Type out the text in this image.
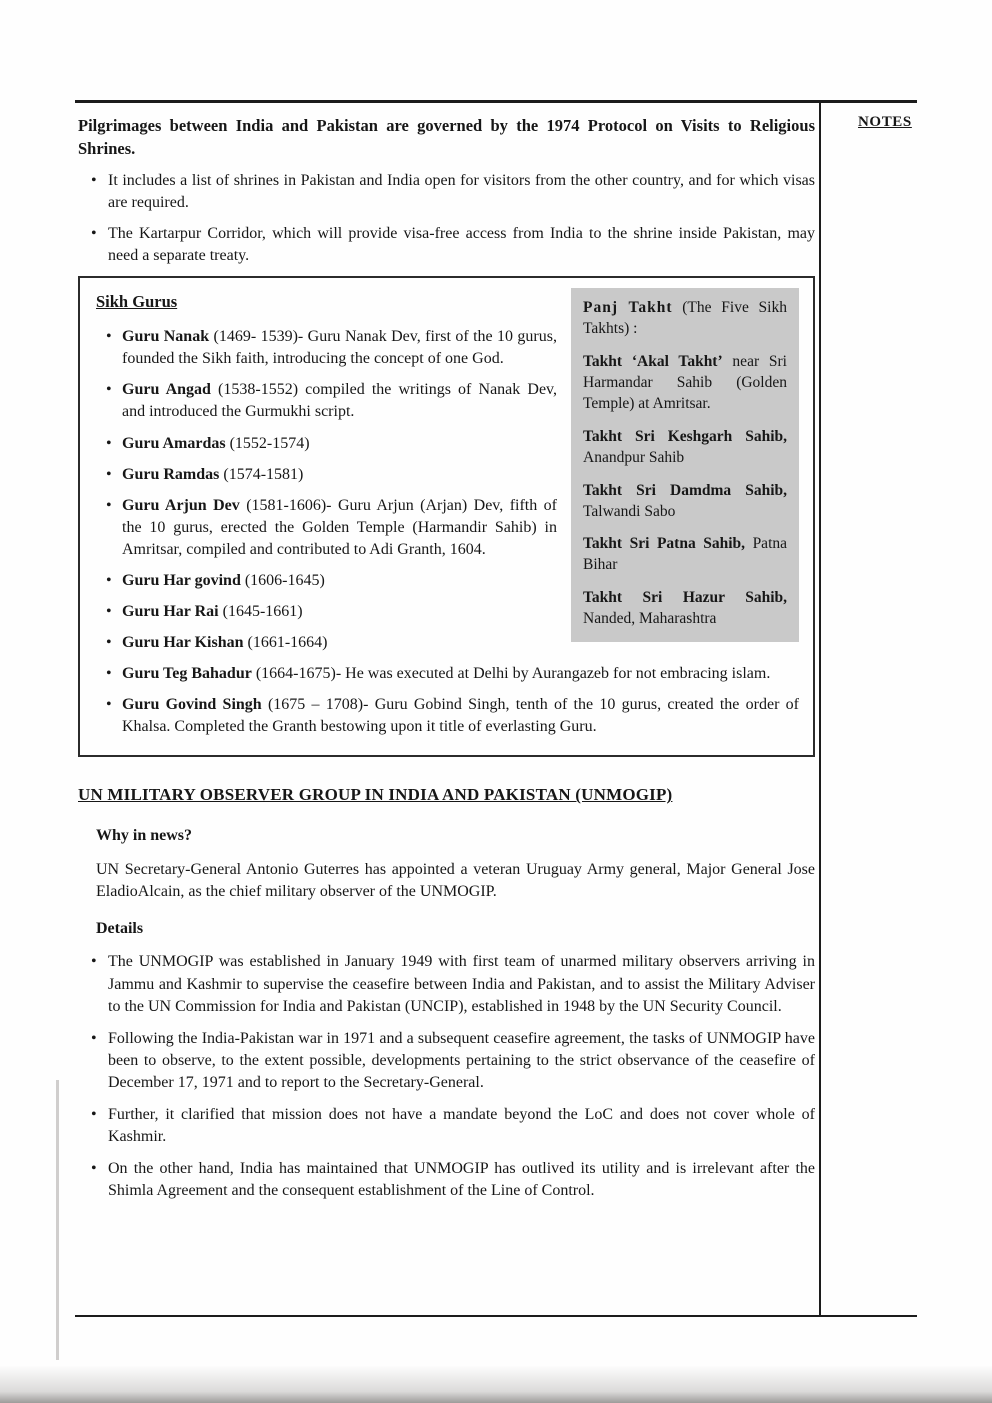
NOTES

Pilgrimages between India and Pakistan are governed by the 1974 Protocol on Visits to Religious Shrines.

• It includes a list of shrines in Pakistan and India open for visitors from the other country, and for which visas are required.
• The Kartarpur Corridor, which will provide visa-free access from India to the shrine inside Pakistan, may need a separate treaty.

Panj Takht (The Five Sikh Takhts) :

Takht ‘Akal Takht’ near Sri Harmandar Sahib (Golden Temple) at Amritsar.

Takht Sri Keshgarh Sahib, Anandpur Sahib

Takht Sri Damdma Sahib, Talwandi Sabo

Takht Sri Patna Sahib, Patna Bihar

Takht Sri Hazur Sahib, Nanded, Maharashtra

Sikh Gurus
• Guru Nanak (1469- 1539)- Guru Nanak Dev, first of the 10 gurus, founded the Sikh faith, introducing the concept of one God.
• Guru Angad (1538-1552) compiled the writings of Nanak Dev, and introduced the Gurmukhi script.
• Guru Amardas (1552-1574)
• Guru Ramdas (1574-1581)
• Guru Arjun Dev (1581-1606)- Guru Arjun (Arjan) Dev, fifth of the 10 gurus, erected the Golden Temple (Harmandir Sahib) in Amritsar, compiled and contributed to Adi Granth, 1604.
• Guru Har govind (1606-1645)
• Guru Har Rai (1645-1661)
• Guru Har Kishan (1661-1664)
• Guru Teg Bahadur (1664-1675)- He was executed at Delhi by Aurangazeb for not embracing islam.
• Guru Govind Singh (1675 – 1708)- Guru Gobind Singh, tenth of the 10 gurus, created the order of Khalsa. Completed the Granth bestowing upon it title of everlasting Guru.
UN MILITARY OBSERVER GROUP IN INDIA AND PAKISTAN (UNMOGIP)

Why in news?

UN Secretary-General Antonio Guterres has appointed a veteran Uruguay Army general, Major General Jose EladioAlcain, as the chief military observer of the UNMOGIP.

Details

• The UNMOGIP was established in January 1949 with first team of unarmed military observers arriving in Jammu and Kashmir to supervise the ceasefire between India and Pakistan, and to assist the Military Adviser to the UN Commission for India and Pakistan (UNCIP), established in 1948 by the UN Security Council.
• Following the India-Pakistan war in 1971 and a subsequent ceasefire agreement, the tasks of UNMOGIP have been to observe, to the extent possible, developments pertaining to the strict observance of the ceasefire of December 17, 1971 and to report to the Secretary-General.
• Further, it clarified that mission does not have a mandate beyond the LoC and does not cover whole of Kashmir.
• On the other hand, India has maintained that UNMOGIP has outlived its utility and is irrelevant after the Shimla Agreement and the consequent establishment of the Line of Control.
